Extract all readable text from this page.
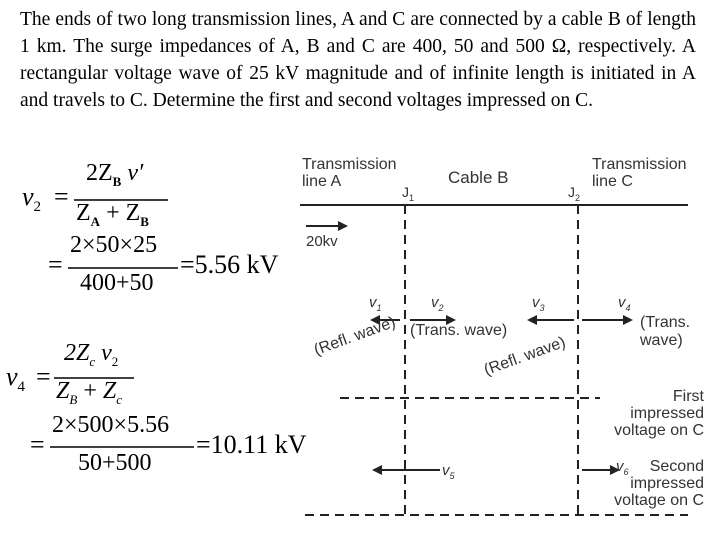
The ends of two long transmission lines, A and C are connected by a cable B of length 1 km. The surge impedances of A, B and C are 400, 50 and 500 Ω, respectively. A rectangular voltage wave of 25 kV magnitude and of infinite length is initiated in A and travels to C. Determine the first and second voltages impressed on C.
$v_2$ =
$2Z_B$ v′
$Z_A + Z_B$
=
2×50×25
400+50
=5.56 kV
$v_4$ =
$2Z_c$ $v_2$
$Z_B + Z_c$
=
2×500×5.56
50+500
=10.11 kV
Transmission
line A	Cable B
Transmission
line C
$J_1$	$J_2$
20kv
$v_1$	$v_2$	$v_3$	$v_4$
(Refl. wave) (Trans. wave)
(Refl. wave)
(Trans.
wave)
First
impressed
voltage on C
$v_5$
$v_6$	Second
impressed
voltage on C
